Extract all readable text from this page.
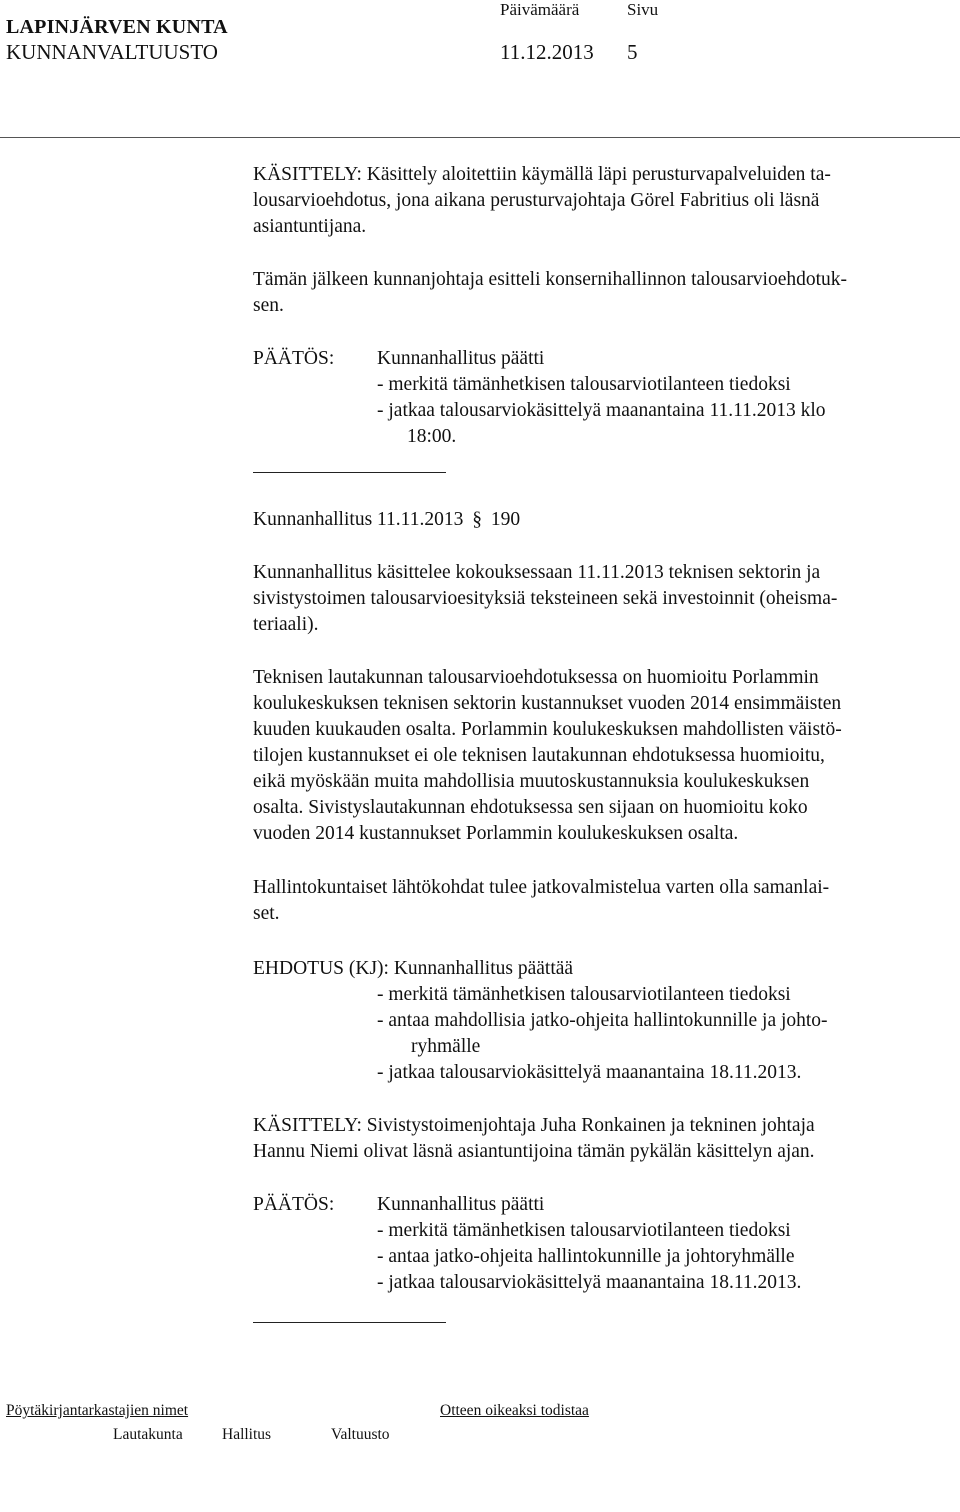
LAPINJÄRVEN KUNTA
KUNNANVALTUUSTO
Päivämäärä	Sivu
11.12.2013 5
KÄSITTELY: Käsittely aloitettiin käymällä läpi perusturvapalveluiden ta-
lousarvioehdotus, jona aikana perusturvajohtaja Görel Fabritius oli läsnä
asiantuntijana.
Tämän jälkeen kunnanjohtaja esitteli konsernihallinnon talousarvioehdotuk-
sen.
PÄÄTÖS: Kunnanhallitus päätti
- merkitä tämänhetkisen talousarviotilanteen tiedoksi
- jatkaa talousarviokäsittelyä maanantaina 11.11.2013 klo
18:00.
Kunnanhallitus 11.11.2013 § 190
Kunnanhallitus käsittelee kokouksessaan 11.11.2013 teknisen sektorin ja
sivistystoimen talousarvioesityksiä teksteineen sekä investoinnit (oheisma-
teriaali).
Teknisen lautakunnan talousarvioehdotuksessa on huomioitu Porlammin
koulukeskuksen teknisen sektorin kustannukset vuoden 2014 ensimmäisten
kuuden kuukauden osalta. Porlammin koulukeskuksen mahdollisten väistö-
tilojen kustannukset ei ole teknisen lautakunnan ehdotuksessa huomioitu,
eikä myöskään muita mahdollisia muutoskustannuksia koulukeskuksen
osalta. Sivistyslautakunnan ehdotuksessa sen sijaan on huomioitu koko
vuoden 2014 kustannukset Porlammin koulukeskuksen osalta.
Hallintokuntaiset lähtökohdat tulee jatkovalmistelua varten olla samanlai-
set.
EHDOTUS (KJ): Kunnanhallitus päättää
- merkitä tämänhetkisen talousarviotilanteen tiedoksi
- antaa mahdollisia jatko-ohjeita hallintokunnille ja johto-
ryhmälle
- jatkaa talousarviokäsittelyä maanantaina 18.11.2013.
KÄSITTELY: Sivistystoimenjohtaja Juha Ronkainen ja tekninen johtaja
Hannu Niemi olivat läsnä asiantuntijoina tämän pykälän käsittelyn ajan.
PÄÄTÖS: Kunnanhallitus päätti
- merkitä tämänhetkisen talousarviotilanteen tiedoksi
- antaa jatko-ohjeita hallintokunnille ja johtoryhmälle
- jatkaa talousarviokäsittelyä maanantaina 18.11.2013.
Pöytäkirjantarkastajien nimet	Otteen oikeaksi todistaa
Lautakunta	Hallitus	Valtuusto
